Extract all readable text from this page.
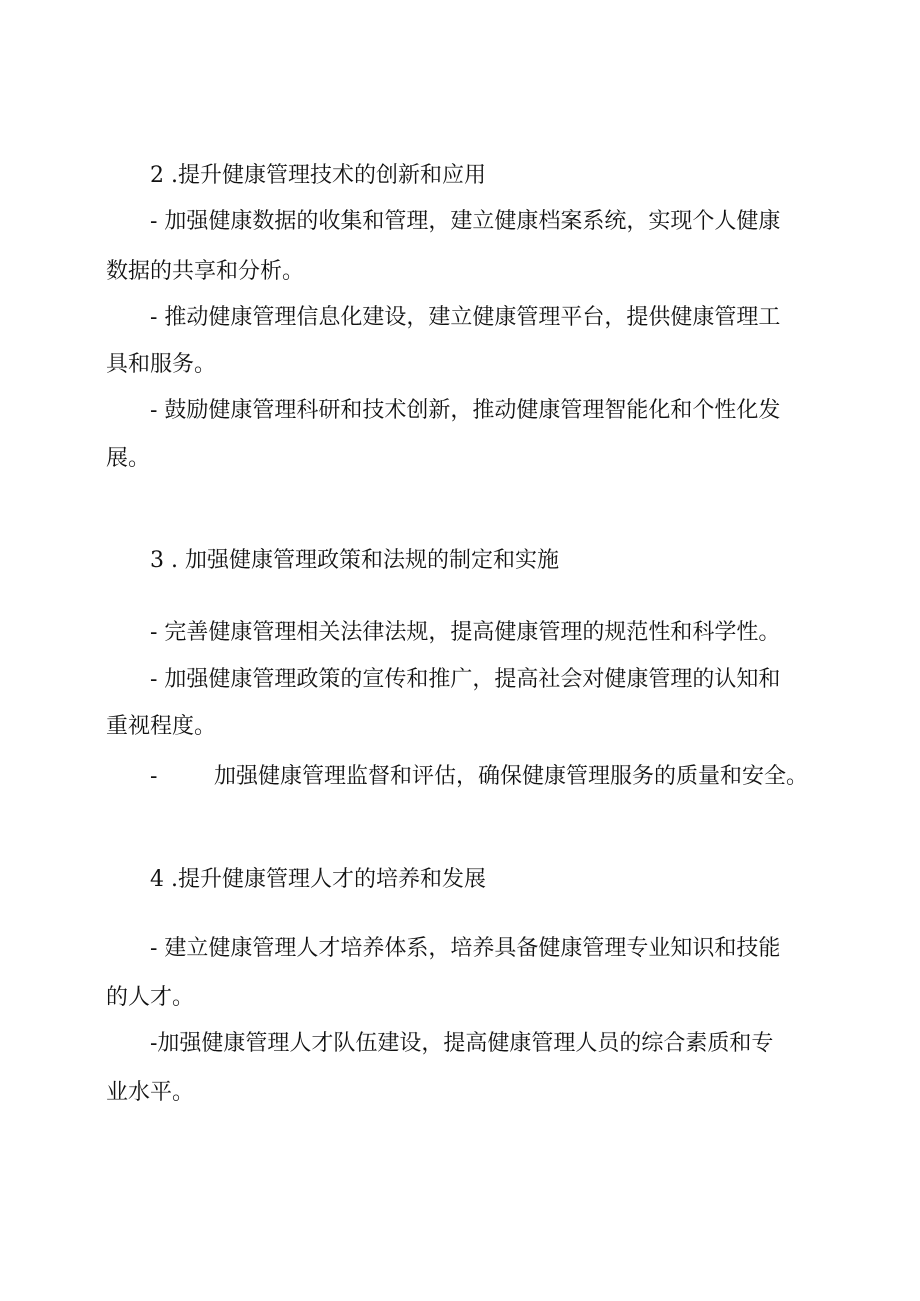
2 .提升健康管理技术的创新和应用

- 加强健康数据的收集和管理，建立健康档案系统，实现个人健康

数据的共享和分析。

- 推动健康管理信息化建设，建立健康管理平台，提供健康管理工

具和服务。

- 鼓励健康管理科研和技术创新，推动健康管理智能化和个性化发

展。

3 . 加强健康管理政策和法规的制定和实施

- 完善健康管理相关法律法规，提高健康管理的规范性和科学性。

- 加强健康管理政策的宣传和推广，提高社会对健康管理的认知和

重视程度。

-	加强健康管理监督和评估，确保健康管理服务的质量和安全。

4 .提升健康管理人才的培养和发展

- 建立健康管理人才培养体系，培养具备健康管理专业知识和技能

的人才。

-加强健康管理人才队伍建设，提高健康管理人员的综合素质和专

业水平。
